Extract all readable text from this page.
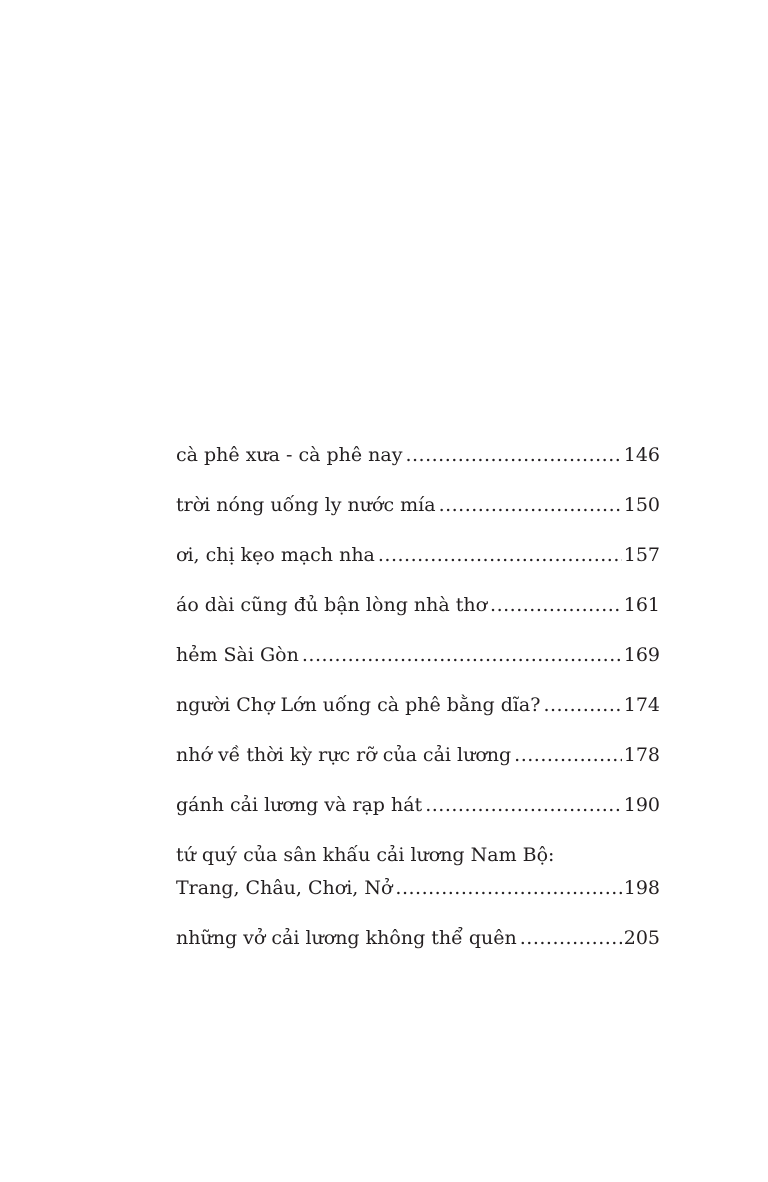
cà phê xưa - cà phê nay .....	146
trời nóng uống ly nước mía .....	150
ơi, chị kẹo mạch nha .....	157
áo dài cũng đủ bận lòng nhà thơ .....	161
hẻm Sài Gòn .....	169
người Chợ Lớn uống cà phê bằng dĩa? .....	174
nhớ về thời kỳ rực rỡ của cải lương .....	178
gánh cải lương và rạp hát .....	190
tứ quý của sân khấu cải lương Nam Bộ:
Trang, Châu, Chơi, Nở .....	198
những vở cải lương không thể quên .....	205
